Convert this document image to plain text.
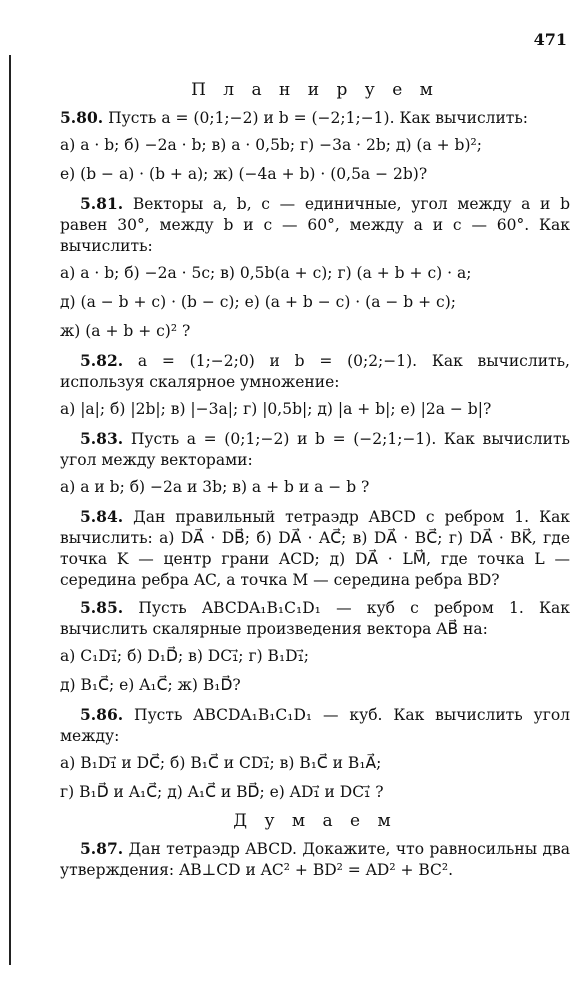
471
П л а н и р у е м

5.80. Пусть a = (0;1;−2) и b = (−2;1;−1). Как вычислить:

а) a · b; б) −2a · b; в) a · 0,5b; г) −3a · 2b; д) (a + b)²;

е) (b − a) · (b + a); ж) (−4a + b) · (0,5a − 2b)?

5.81. Векторы a, b, c — единичные, угол между a и b равен 30°, между b и c — 60°, между a и c — 60°. Как вычислить:

а) a · b; б) −2a · 5c; в) 0,5b(a + c); г) (a + b + c) · a;

д) (a − b + c) · (b − c); е) (a + b − c) · (a − b + c);

ж) (a + b + c)² ?

5.82. a = (1;−2;0) и b = (0;2;−1). Как вычислить, используя скалярное умножение:

а) |a|; б) |2b|; в) |−3a|; г) |0,5b|; д) |a + b|; е) |2a − b|?

5.83. Пусть a = (0;1;−2) и b = (−2;1;−1). Как вычислить угол между векторами:

а) a и b; б) −2a и 3b; в) a + b и a − b ?

5.84. Дан правильный тетраэдр ABCD с ребром 1. Как вычислить: а) DA⃗ · DB⃗; б) DA⃗ · AC⃗; в) DA⃗ · BC⃗; г) DA⃗ · BK⃗, где точка K — центр грани ACD; д) DA⃗ · LM⃗, где точка L — середина ребра AC, а точка M — середина ребра BD?

5.85. Пусть ABCDA₁B₁C₁D₁ — куб с ребром 1. Как вычислить скалярные произведения вектора AB⃗ на:

а) C₁D₁⃗; б) D₁D⃗; в) DC₁⃗; г) B₁D₁⃗;

д) B₁C⃗; е) A₁C⃗; ж) B₁D⃗?

5.86. Пусть ABCDA₁B₁C₁D₁ — куб. Как вычислить угол между:

а) B₁D₁⃗ и DC⃗; б) B₁C⃗ и CD₁⃗; в) B₁C⃗ и B₁A⃗;

г) B₁D⃗ и A₁C⃗; д) A₁C⃗ и BD⃗; е) AD₁⃗ и DC₁⃗ ?

Д у м а е м

5.87. Дан тетраэдр ABCD. Докажите, что равносильны два утверждения: AB⊥CD и AC² + BD² = AD² + BC².
